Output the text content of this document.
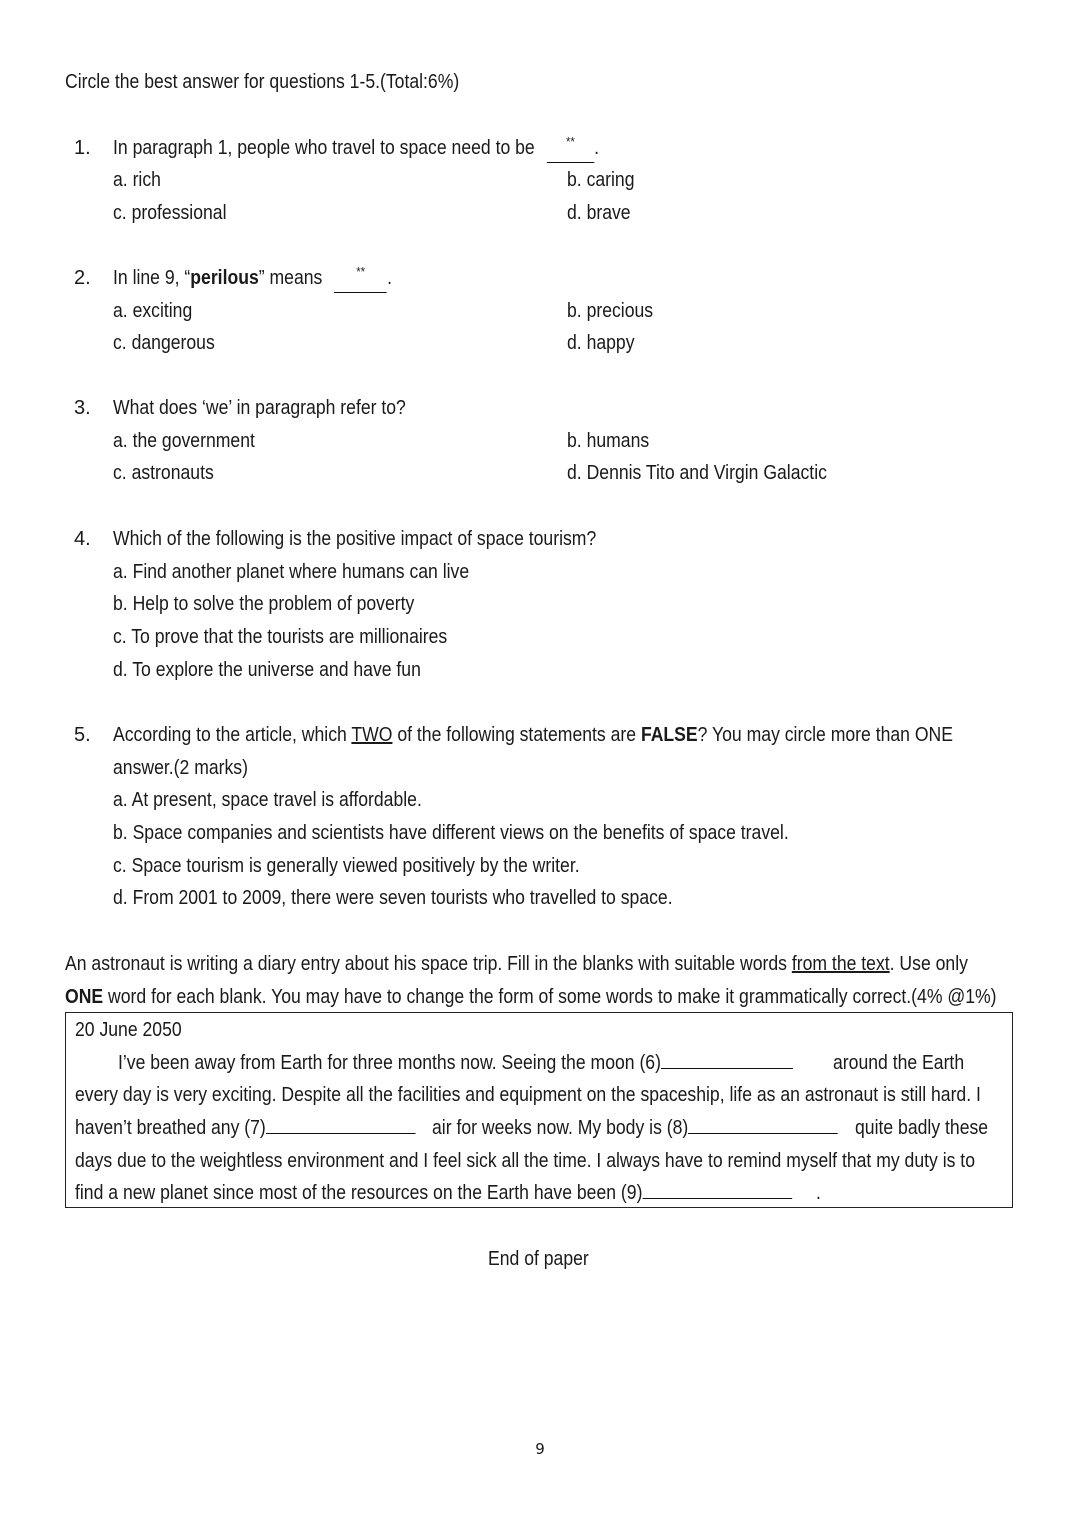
Circle the best answer for questions 1-5.(Total:6%)
1. In paragraph 1, people who travel to space need to be ** .
a. rich	b. caring
c. professional	d. brave
2. In line 9, “perilous” means	** .
a. exciting	b. precious
c. dangerous	d. happy
3. What does ‘we’ in paragraph refer to?
a. the government	b. humans
c. astronauts	d. Dennis Tito and Virgin Galactic
4. Which of the following is the positive impact of space tourism?
a. Find another planet where humans can live
b. Help to solve the problem of poverty
c. To prove that the tourists are millionaires
d. To explore the universe and have fun
5. According to the article, which TWO of the following statements are FALSE? You may circle more than ONE
answer.(2 marks)
a. At present, space travel is affordable.
b. Space companies and scientists have different views on the benefits of space travel.
c. Space tourism is generally viewed positively by the writer.
d. From 2001 to 2009, there were seven tourists who travelled to space.
An astronaut is writing a diary entry about his space trip. Fill in the blanks with suitable words from the text. Use only
ONE word for each blank. You may have to change the form of some words to make it grammatically correct.(4% @1%)
20 June 2050
I’ve been away from Earth for three months now. Seeing the moon (6)	around the Earth
every day is very exciting. Despite all the facilities and equipment on the spaceship, life as an astronaut is still hard. I
haven’t breathed any (7)	air for weeks now. My body is (8)	quite badly these
days due to the weightless environment and I feel sick all the time. I always have to remind myself that my duty is to
find a new planet since most of the resources on the Earth have been (9)	.
End of paper
9
